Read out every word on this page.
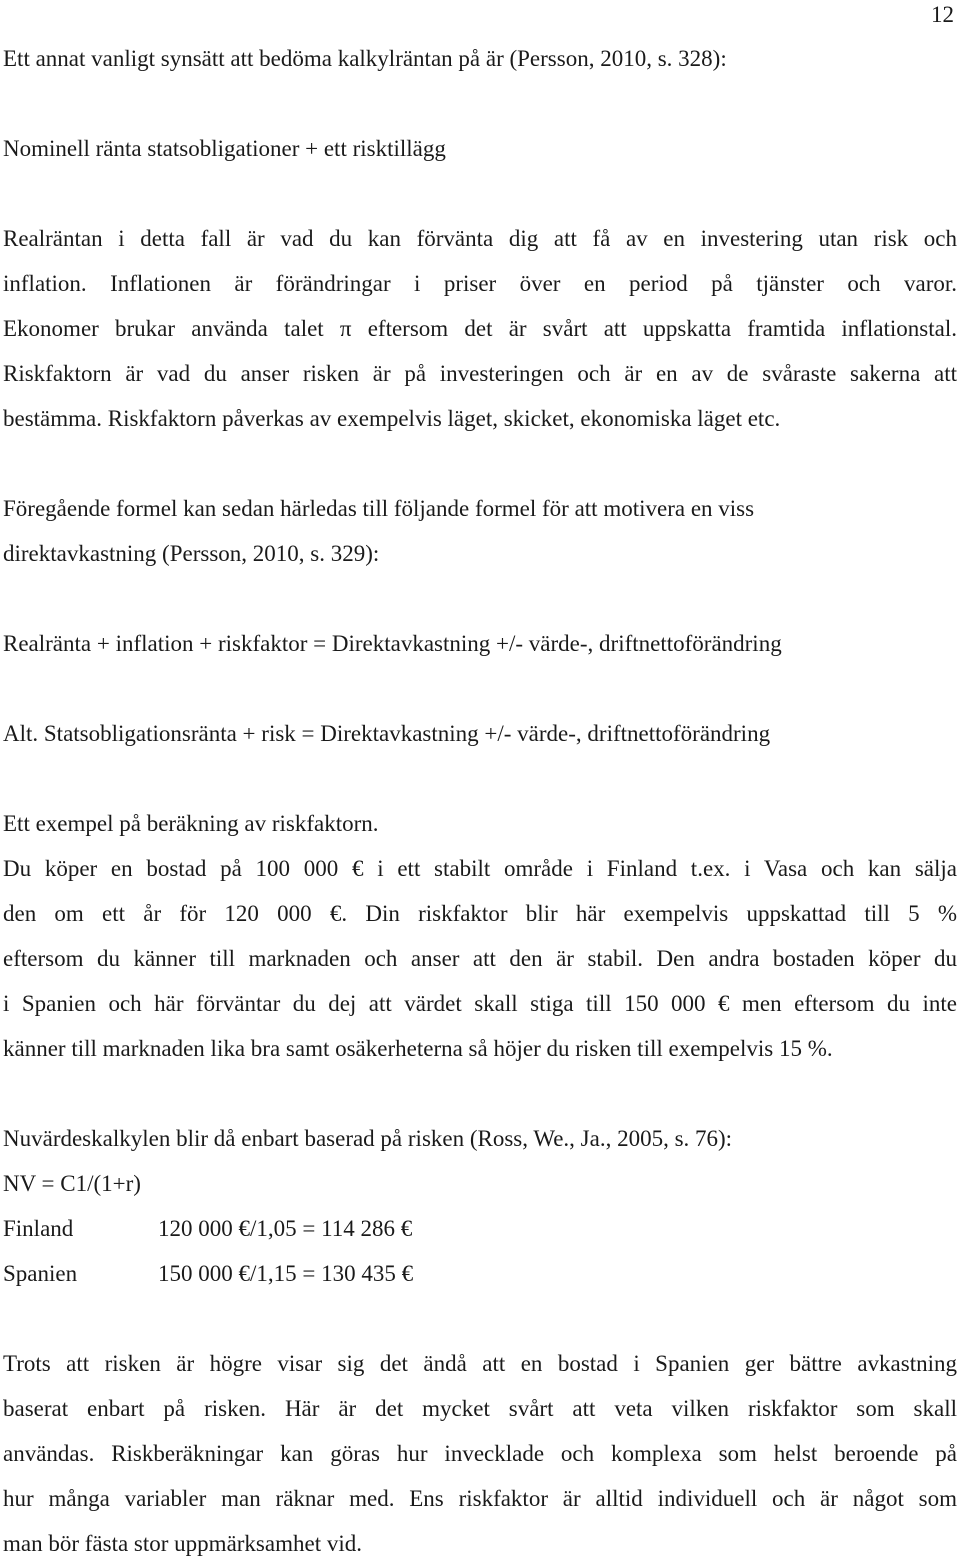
12
Ett annat vanligt synsätt att bedöma kalkylräntan på är (Persson, 2010, s. 328):
Nominell ränta statsobligationer + ett risktillägg
Realräntan i detta fall är vad du kan förvänta dig att få av en investering utan risk och
inflation. Inflationen är förändringar i priser över en period på tjänster och varor.
Ekonomer brukar använda talet π eftersom det är svårt att uppskatta framtida inflationstal.
Riskfaktorn är vad du anser risken är på investeringen och är en av de svåraste sakerna att
bestämma. Riskfaktorn påverkas av exempelvis läget, skicket, ekonomiska läget etc.
Föregående formel kan sedan härledas till följande formel för att motivera en viss
direktavkastning (Persson, 2010, s. 329):
Realränta + inflation + riskfaktor = Direktavkastning +/- värde-, driftnettoförändring
Alt. Statsobligationsränta + risk = Direktavkastning +/- värde-, driftnettoförändring
Ett exempel på beräkning av riskfaktorn.
Du köper en bostad på 100 000 € i ett stabilt område i Finland t.ex. i Vasa och kan sälja
den om ett år för 120 000 €. Din riskfaktor blir här exempelvis uppskattad till 5 %
eftersom du känner till marknaden och anser att den är stabil. Den andra bostaden köper du
i Spanien och här förväntar du dej att värdet skall stiga till 150 000 € men eftersom du inte
känner till marknaden lika bra samt osäkerheterna så höjer du risken till exempelvis 15 %.
Nuvärdeskalkylen blir då enbart baserad på risken (Ross, We., Ja., 2005, s. 76):
NV = C1/(1+r)
Finland	120 000 €/1,05 = 114 286 €
Spanien	150 000 €/1,15 = 130 435 €
Trots att risken är högre visar sig det ändå att en bostad i Spanien ger bättre avkastning
baserat enbart på risken. Här är det mycket svårt att veta vilken riskfaktor som skall
användas. Riskberäkningar kan göras hur invecklade och komplexa som helst beroende på
hur många variabler man räknar med. Ens riskfaktor är alltid individuell och är något som
man bör fästa stor uppmärksamhet vid.
